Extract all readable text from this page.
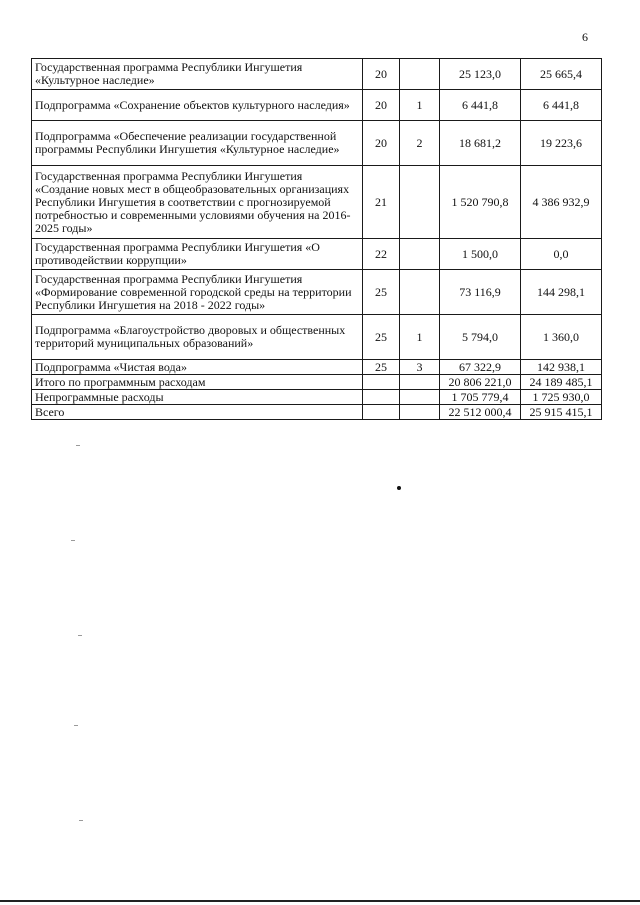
6
Государственная программа Республики Ингушетия «Культурное наследие»	20		25 123,0	25 665,4
Подпрограмма «Сохранение объектов культурного наследия»	20	1	6 441,8	6 441,8
Подпрограмма «Обеспечение реализации государственной программы Республики Ингушетия «Культурное наследие»	20	2	18 681,2	19 223,6
Государственная программа Республики Ингушетия «Создание новых мест в общеобразовательных организациях Республики Ингушетия в соответствии с прогнозируемой потребностью и современными условиями обучения на 2016-2025 годы»	21		1 520 790,8	4 386 932,9
Государственная программа Республики Ингушетия «О противодействии коррупции»	22		1 500,0	0,0
Государственная программа Республики Ингушетия «Формирование современной городской среды на территории Республики Ингушетия на 2018 - 2022 годы»	25		73 116,9	144 298,1
Подпрограмма «Благоустройство дворовых и общественных территорий муниципальных образований»	25	1	5 794,0	1 360,0
Подпрограмма «Чистая вода»	25	3	67 322,9	142 938,1
Итого по программным расходам			20 806 221,0	24 189 485,1
Непрограммные расходы			1 705 779,4	1 725 930,0
Всего			22 512 000,4	25 915 415,1
